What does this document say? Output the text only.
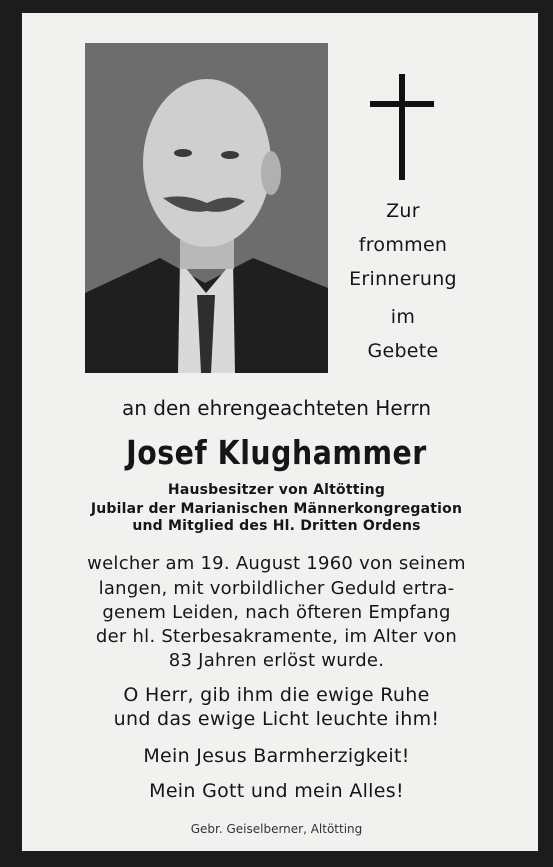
Zur
frommen
Erinnerung
im
Gebete
an den ehrengeachteten Herrn
Josef Klughammer
Hausbesitzer von Altötting
Jubilar der Marianischen Männerkongregation
und Mitglied des Hl. Dritten Ordens
welcher am 19. August 1960 von seinem
langen, mit vorbildlicher Geduld ertra-
genem Leiden, nach öfteren Empfang
der hl. Sterbesakramente, im Alter von
83 Jahren erlöst wurde.
O Herr, gib ihm die ewige Ruhe
und das ewige Licht leuchte ihm!
Mein Jesus Barmherzigkeit!
Mein Gott und mein Alles!
Gebr. Geiselberner, Altötting
